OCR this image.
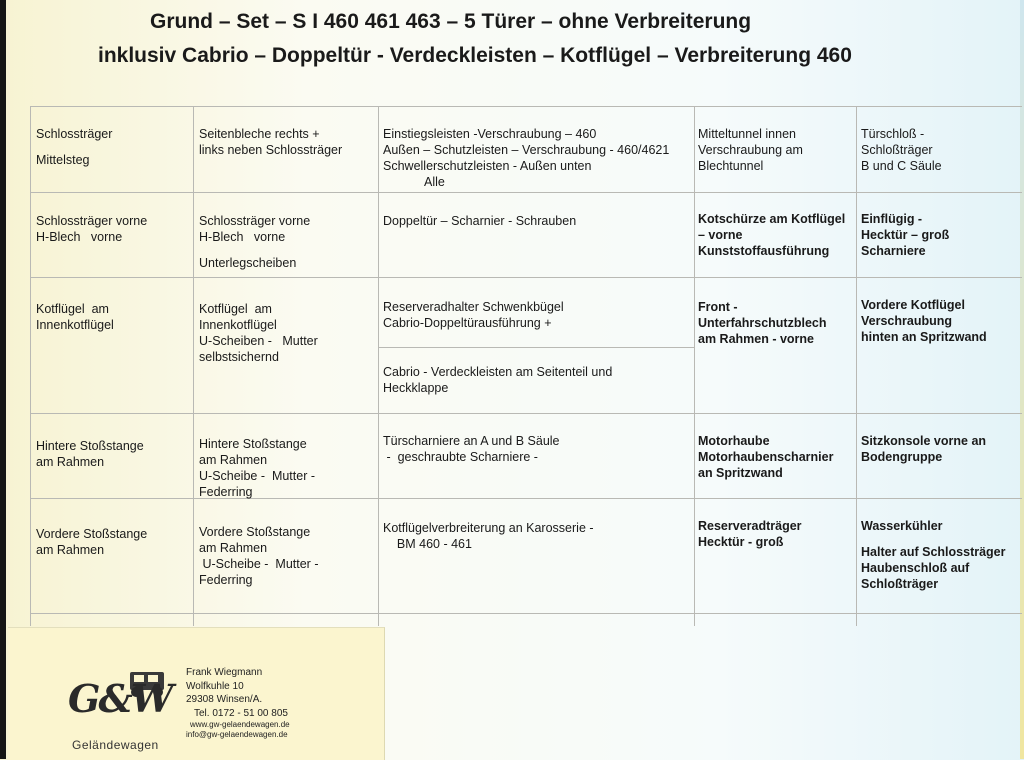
Grund – Set – S I 460 461 463 – 5 Türer – ohne Verbreiterung
inklusiv Cabrio – Doppeltür - Verdeckleisten – Kotflügel – Verbreiterung 460
Schlossträger
Mittelsteg
Seitenbleche rechts +
links neben Schlossträger
Einstiegsleisten -Verschraubung – 460
Außen – Schutzleisten – Verschraubung - 460/4621
Schwellerschutzleisten - Außen unten
Alle
Mitteltunnel innen
Verschraubung am
Blechtunnel
Türschloß -
Schloßträger
B und C Säule
Schlossträger vorne
H-Blech   vorne
Schlossträger vorne
H-Blech   vorne
Unterlegscheiben
Doppeltür – Scharnier - Schrauben	Kotschürze am Kotflügel
– vorne
Kunststoffausführung
Einflügig -
Hecktür – groß
Scharniere
Kotflügel  am
Innenkotflügel
Kotflügel  am
Innenkotflügel
U-Scheiben -   Mutter
selbstsichernd
Reserveradhalter Schwenkbügel
Cabrio-Doppeltürausführung +
Cabrio - Verdeckleisten am Seitenteil und
Heckklappe
Front -
Unterfahrschutzblech
am Rahmen - vorne
Vordere Kotflügel
Verschraubung
hinten an Spritzwand
Hintere Stoßstange
am Rahmen
Hintere Stoßstange
am Rahmen
U-Scheibe -  Mutter -
Federring
Türscharniere an A und B Säule
-  geschraubte Scharniere -
Motorhaube
Motorhaubenscharnier
an Spritzwand
Sitzkonsole vorne an
Bodengruppe
Vordere Stoßstange
am Rahmen
Vordere Stoßstange
am Rahmen
U-Scheibe -  Mutter -
Federring
Kotflügelverbreiterung an Karosserie -
BM 460 - 461
Reserveradträger
Hecktür - groß
Wasserkühler
Halter auf Schlossträger
Haubenschloß auf
Schloßträger
G&W
Geländewagen
Frank Wiegmann
Wolfkuhle 10
29308 Winsen/A.
Tel. 0172 - 51 00 805
www.gw-gelaendewagen.de
info@gw-gelaendewagen.de
